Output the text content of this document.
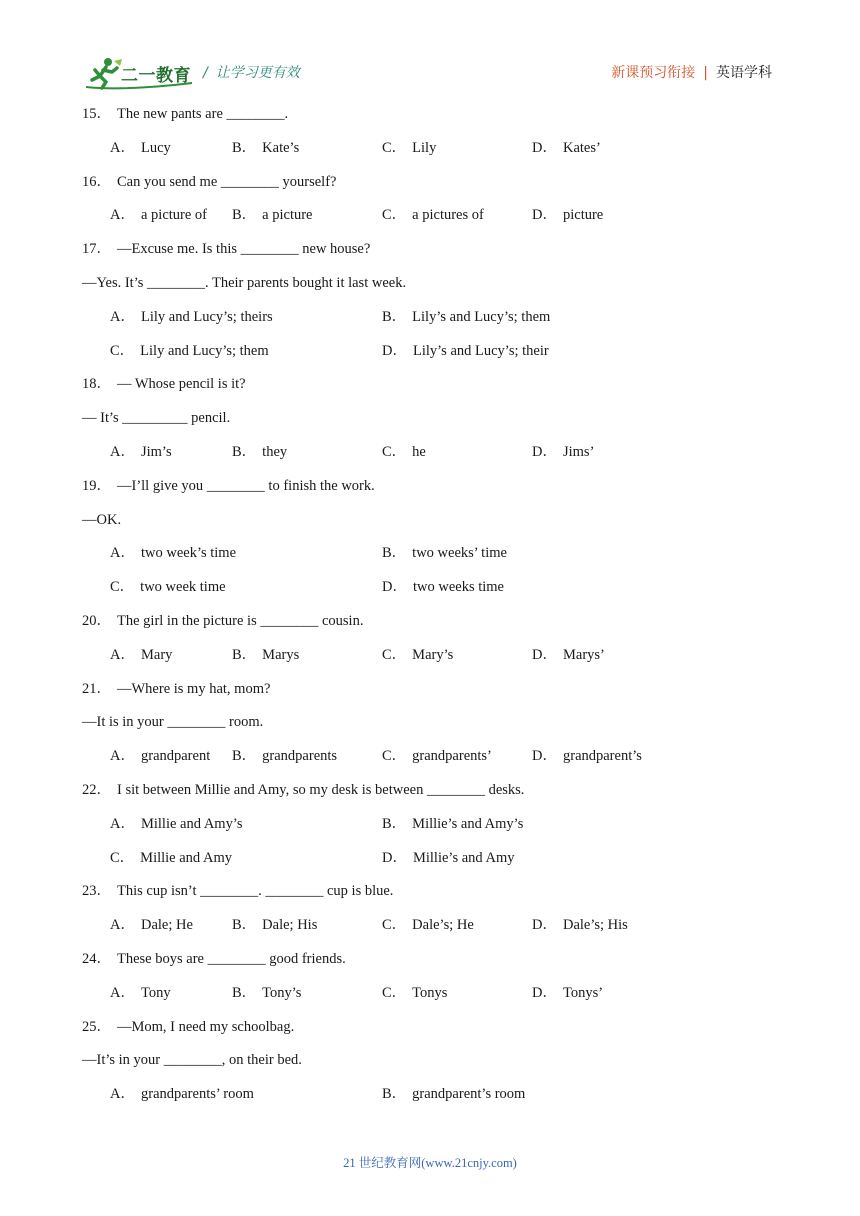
二一教育 / 让学习更有效	新课预习衔接 | 英语学科
15． The new pants are ________.
A． Lucy	B． Kate’s	C． Lily	D． Kates’
16． Can you send me ________ yourself?
A． a picture of B． a picture	C． a pictures of	D． picture
17． —Excuse me. Is this ________ new house?
—Yes. It’s ________. Their parents bought it last week.
A． Lily and Lucy’s; theirs	B． Lily’s and Lucy’s; them
C． Lily and Lucy’s; them	D． Lily’s and Lucy’s; their
18． — Whose pencil is it?
— It’s _________ pencil.
A． Jim’s	B． they	C． he	D． Jims’
19． —I’ll give you ________ to finish the work.
—OK.
A． two week’s time	B． two weeks’ time
C． two week time	D． two weeks time
20． The girl in the picture is ________ cousin.
A． Mary	B． Marys	C． Mary’s	D． Marys’
21． —Where is my hat, mom?
—It is in your ________ room.
A． grandparent B． grandparents	C． grandparents’	D． grandparent’s
22． I sit between Millie and Amy, so my desk is between ________ desks.
A． Millie and Amy’s	B． Millie’s and Amy’s
C． Millie and Amy	D． Millie’s and Amy
23． This cup isn’t ________. ________ cup is blue.
A． Dale; He	B． Dale; His	C． Dale’s; He	D． Dale’s; His
24． These boys are ________ good friends.
A． Tony	B． Tony’s	C． Tonys	D． Tonys’
25． —Mom, I need my schoolbag.
—It’s in your ________, on their bed.
A． grandparents’ room	B． grandparent’s room
21 世纪教育网(www.21cnjy.com)
